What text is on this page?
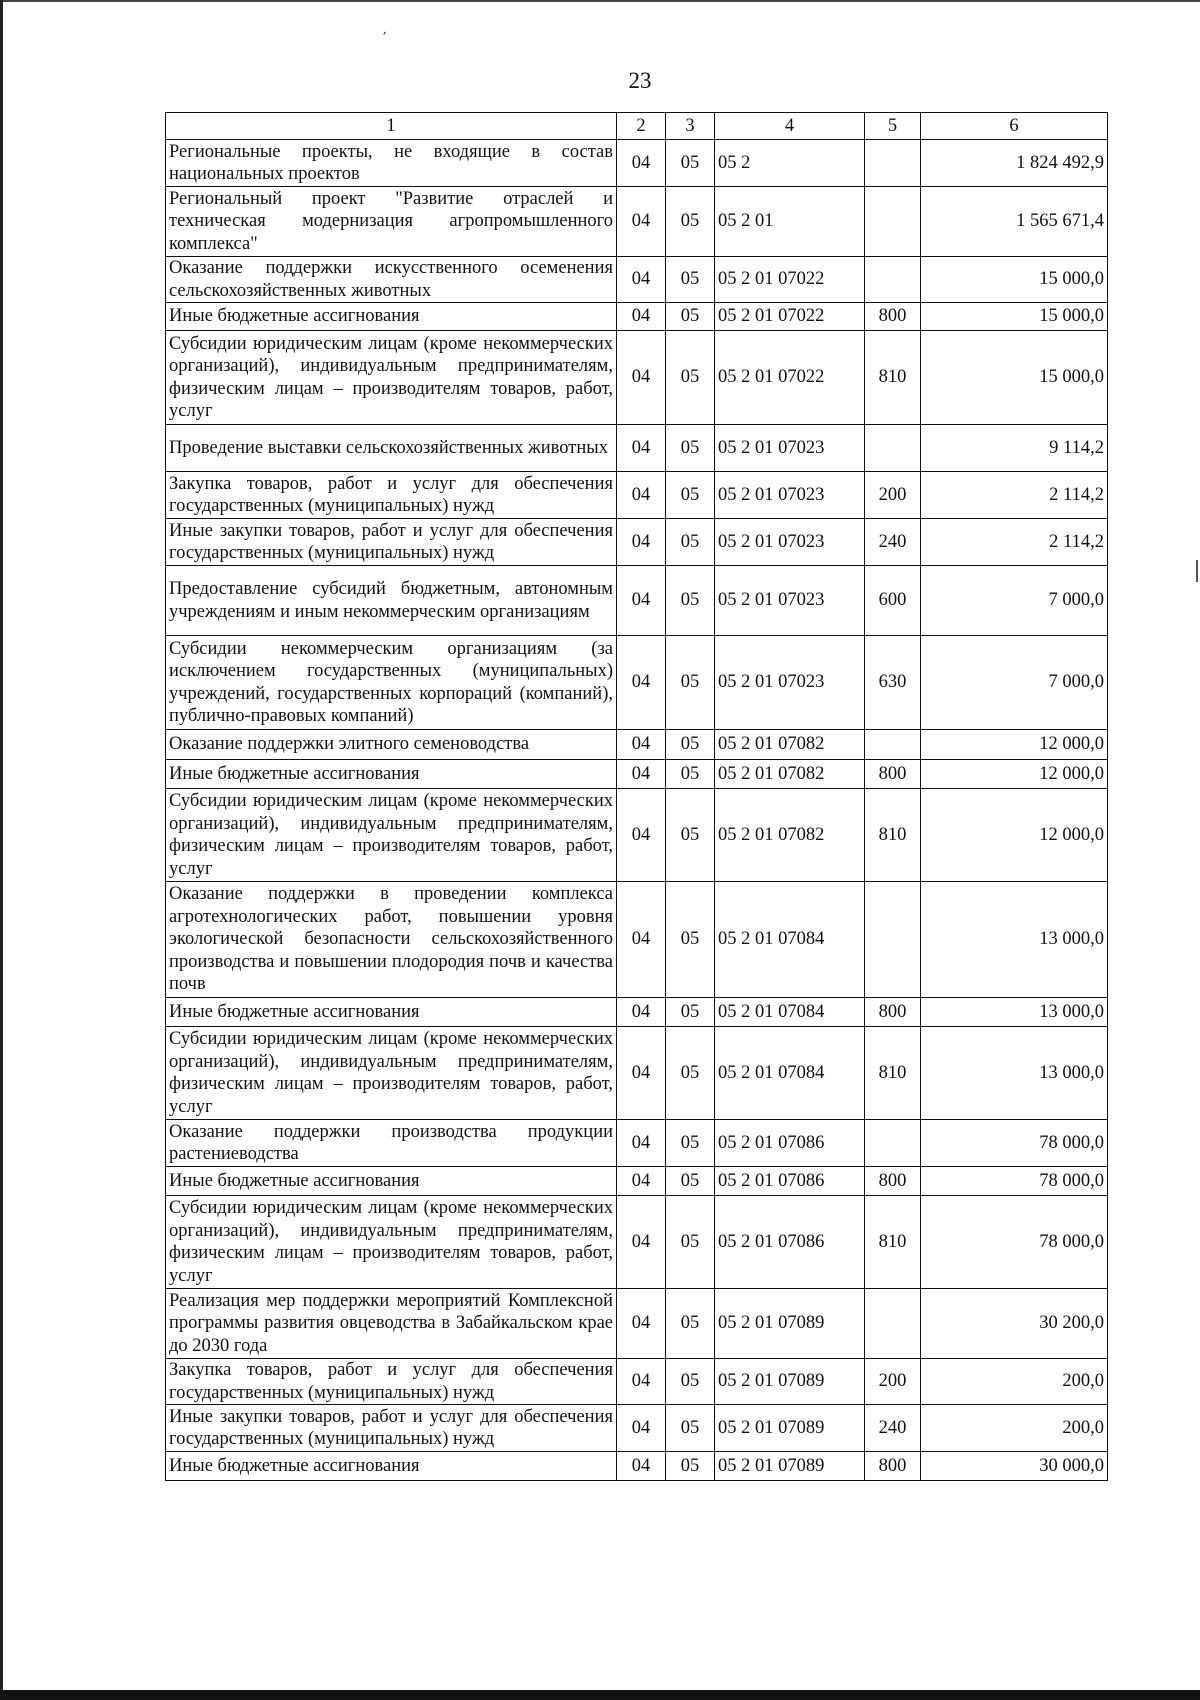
ˊ
23
1	2	3	4	5	6
Региональные проекты, не входящие в состав национальных проектов	04	05	05 2		1 824 492,9
Региональный проект "Развитие отраслей и техническая модернизация агропромышленного комплекса"	04	05	05 2 01		1 565 671,4
Оказание поддержки искусственного осеменения сельскохозяйственных животных	04	05	05 2 01 07022		15 000,0
Иные бюджетные ассигнования	04	05	05 2 01 07022	800	15 000,0
Субсидии юридическим лицам (кроме некоммерческих организаций), индивидуальным предпринимателям, физическим лицам – производителям товаров, работ, услуг	04	05	05 2 01 07022	810	15 000,0
Проведение выставки сельскохозяйственных животных	04	05	05 2 01 07023		9 114,2
Закупка товаров, работ и услуг для обеспечения государственных (муниципальных) нужд	04	05	05 2 01 07023	200	2 114,2
Иные закупки товаров, работ и услуг для обеспечения государственных (муниципальных) нужд	04	05	05 2 01 07023	240	2 114,2
Предоставление субсидий бюджетным, автономным учреждениям и иным некоммерческим организациям	04	05	05 2 01 07023	600	7 000,0
Субсидии некоммерческим организациям (за исключением государственных (муниципальных) учреждений, государственных корпораций (компаний), публично-правовых компаний)	04	05	05 2 01 07023	630	7 000,0
Оказание поддержки элитного семеноводства	04	05	05 2 01 07082		12 000,0
Иные бюджетные ассигнования	04	05	05 2 01 07082	800	12 000,0
Субсидии юридическим лицам (кроме некоммерческих организаций), индивидуальным предпринимателям, физическим лицам – производителям товаров, работ, услуг	04	05	05 2 01 07082	810	12 000,0
Оказание поддержки в проведении комплекса агротехнологических работ, повышении уровня экологической безопасности сельскохозяйственного производства и повышении плодородия почв и качества почв	04	05	05 2 01 07084		13 000,0
Иные бюджетные ассигнования	04	05	05 2 01 07084	800	13 000,0
Субсидии юридическим лицам (кроме некоммерческих организаций), индивидуальным предпринимателям, физическим лицам – производителям товаров, работ, услуг	04	05	05 2 01 07084	810	13 000,0
Оказание поддержки производства продукции растениеводства	04	05	05 2 01 07086		78 000,0
Иные бюджетные ассигнования	04	05	05 2 01 07086	800	78 000,0
Субсидии юридическим лицам (кроме некоммерческих организаций), индивидуальным предпринимателям, физическим лицам – производителям товаров, работ, услуг	04	05	05 2 01 07086	810	78 000,0
Реализация мер поддержки мероприятий Комплексной программы развития овцеводства в Забайкальском крае до 2030 года	04	05	05 2 01 07089		30 200,0
Закупка товаров, работ и услуг для обеспечения государственных (муниципальных) нужд	04	05	05 2 01 07089	200	200,0
Иные закупки товаров, работ и услуг для обеспечения государственных (муниципальных) нужд	04	05	05 2 01 07089	240	200,0
Иные бюджетные ассигнования	04	05	05 2 01 07089	800	30 000,0
